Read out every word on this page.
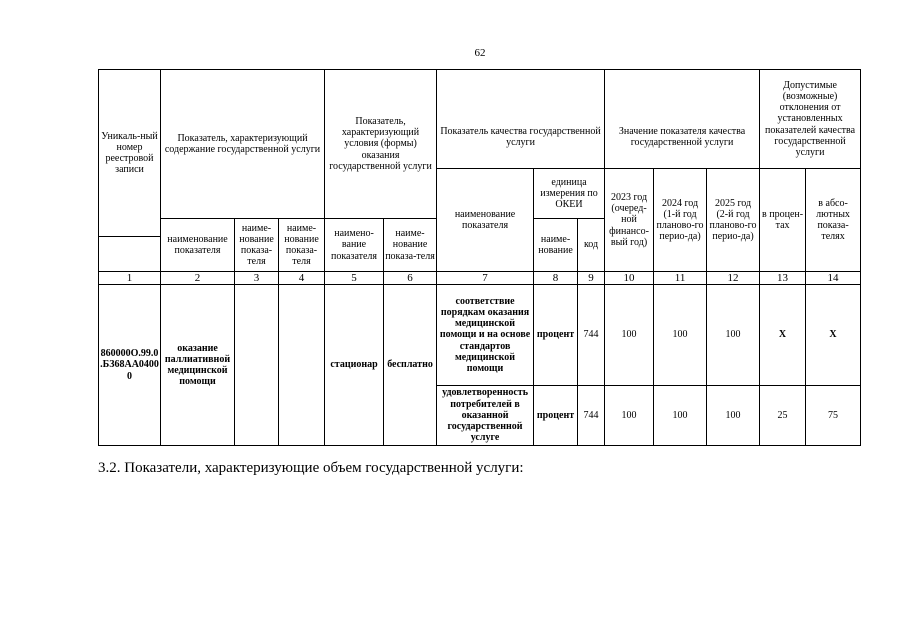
62
Уникаль-ный номер реестровой записи	Показатель, характеризующий содержание государственной услуги			Показатель, характеризующий условия (формы) оказания государственной услуги		Показатель качества государственной услуги			Значение показателя качества государственной услуги			Допустимые (возможные) отклонения от установленных показателей качества государственной услуги	
						наименование показателя	единица измерения по ОКЕИ		2023 год (очеред-ной финансо-вый год)	2024 год (1-й год планово-го перио-да)	2025 год (2-й год планово-го перио-да)	в процен-тах	в абсо-лютных показа-телях
	наименование показателя	наиме-нование показа-теля	наиме-нование показа-теля	наимено-вание показателя	наиме-нование показа-теля		наиме-нование	код					

1	2	3	4	5	6	7	8	9	10	11	12	13	14
860000О.99.0.БЗ68АА04000	оказание паллиативной медицинской помощи			стационар	бесплатно	соответствие порядкам оказания медицинской помощи и на основе стандартов медицинской помощи	процент	744	100	100	100	X	X
						удовлетворенность потребителей в оказанной государственной услуге	процент	744	100	100	100	25	75
3.2. Показатели, характеризующие объем государственной услуги:
